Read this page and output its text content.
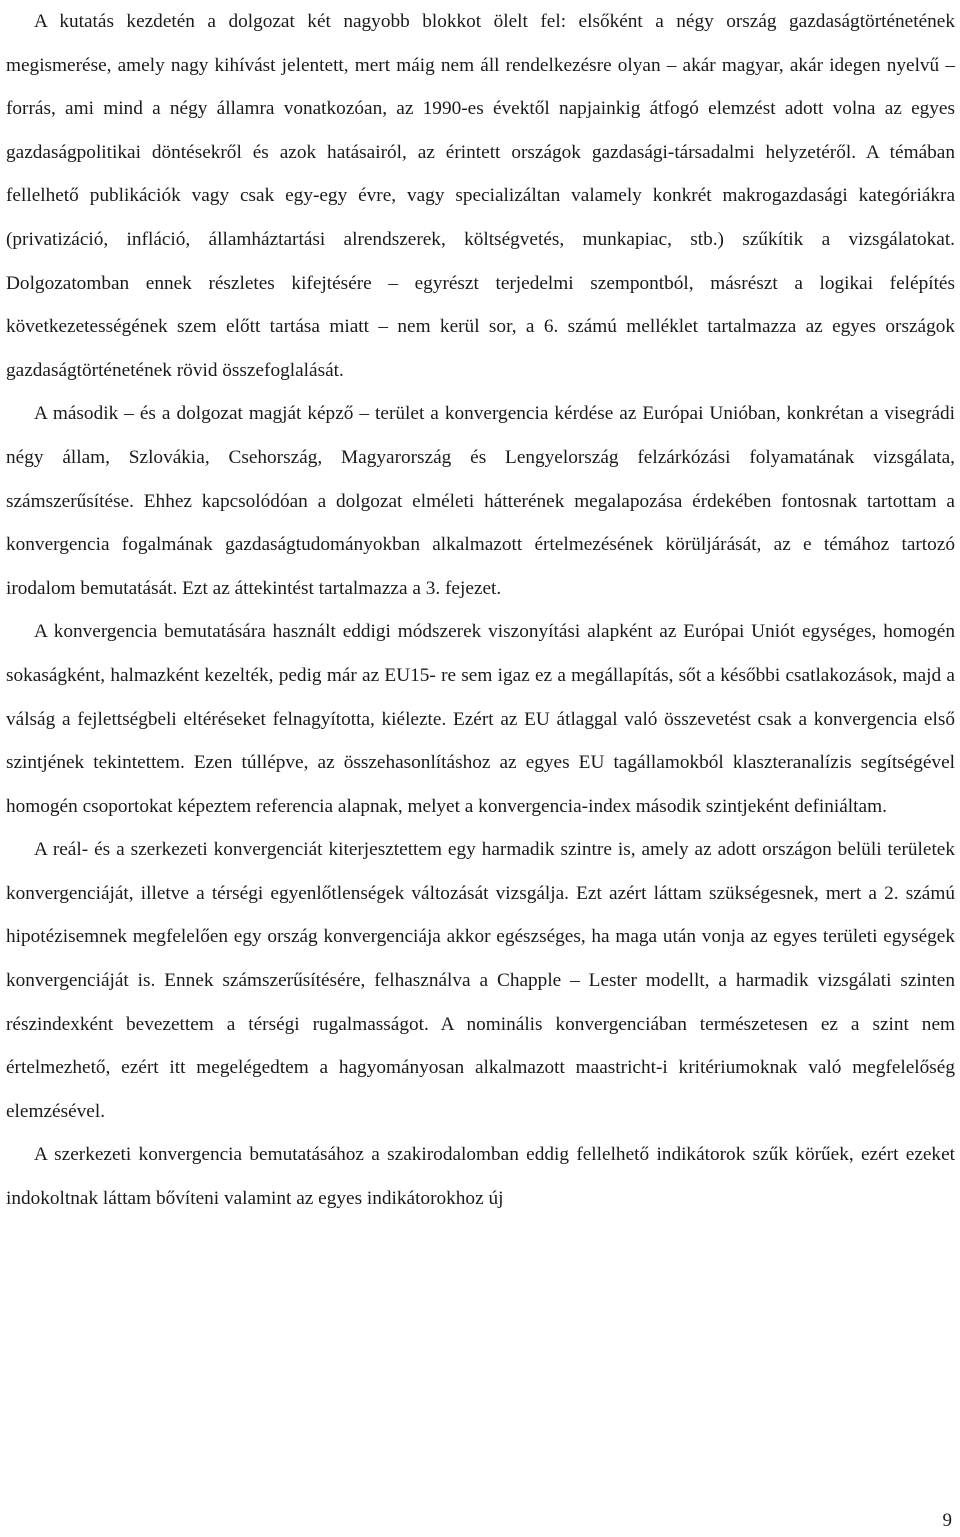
A kutatás kezdetén a dolgozat két nagyobb blokkot ölelt fel: elsőként a négy ország gazdaságtörténetének megismerése, amely nagy kihívást jelentett, mert máig nem áll rendelkezésre olyan – akár magyar, akár idegen nyelvű – forrás, ami mind a négy államra vonatkozóan, az 1990-es évektől napjainkig átfogó elemzést adott volna az egyes gazdaságpolitikai döntésekről és azok hatásairól, az érintett országok gazdasági-társadalmi helyzetéről. A témában fellelhető publikációk vagy csak egy-egy évre, vagy specializáltan valamely konkrét makrogazdasági kategóriákra (privatizáció, infláció, államháztartási alrendszerek, költségvetés, munkapiac, stb.) szűkítik a vizsgálatokat. Dolgozatomban ennek részletes kifejtésére – egyrészt terjedelmi szempontból, másrészt a logikai felépítés következetességének szem előtt tartása miatt – nem kerül sor, a 6. számú melléklet tartalmazza az egyes országok gazdaságtörténetének rövid összefoglalását.

A második – és a dolgozat magját képző – terület a konvergencia kérdése az Európai Unióban, konkrétan a visegrádi négy állam, Szlovákia, Csehország, Magyarország és Lengyelország felzárkózási folyamatának vizsgálata, számszerűsítése. Ehhez kapcsolódóan a dolgozat elméleti hátterének megalapozása érdekében fontosnak tartottam a konvergencia fogalmának gazdaságtudományokban alkalmazott értelmezésének körüljárását, az e témához tartozó irodalom bemutatását. Ezt az áttekintést tartalmazza a 3. fejezet.

A konvergencia bemutatására használt eddigi módszerek viszonyítási alapként az Európai Uniót egységes, homogén sokaságként, halmazként kezelték, pedig már az EU15- re sem igaz ez a megállapítás, sőt a későbbi csatlakozások, majd a válság a fejlettségbeli eltéréseket felnagyította, kiélezte. Ezért az EU átlaggal való összevetést csak a konvergencia első szintjének tekintettem. Ezen túllépve, az összehasonlításhoz az egyes EU tagállamokból klaszteranalízis segítségével homogén csoportokat képeztem referencia alapnak, melyet a konvergencia-index második szintjeként definiáltam.

A reál- és a szerkezeti konvergenciát kiterjesztettem egy harmadik szintre is, amely az adott országon belüli területek konvergenciáját, illetve a térségi egyenlőtlenségek változását vizsgálja. Ezt azért láttam szükségesnek, mert a 2. számú hipotézisemnek megfelelően egy ország konvergenciája akkor egészséges, ha maga után vonja az egyes területi egységek konvergenciáját is. Ennek számszerűsítésére, felhasználva a Chapple – Lester modellt, a harmadik vizsgálati szinten részindexként bevezettem a térségi rugalmasságot. A nominális konvergenciában természetesen ez a szint nem értelmezhető, ezért itt megelégedtem a hagyományosan alkalmazott maastricht-i kritériumoknak való megfelelőség elemzésével.

A szerkezeti konvergencia bemutatásához a szakirodalomban eddig fellelhető indikátorok szűk körűek, ezért ezeket indokoltnak láttam bővíteni valamint az egyes indikátorokhoz új

9
